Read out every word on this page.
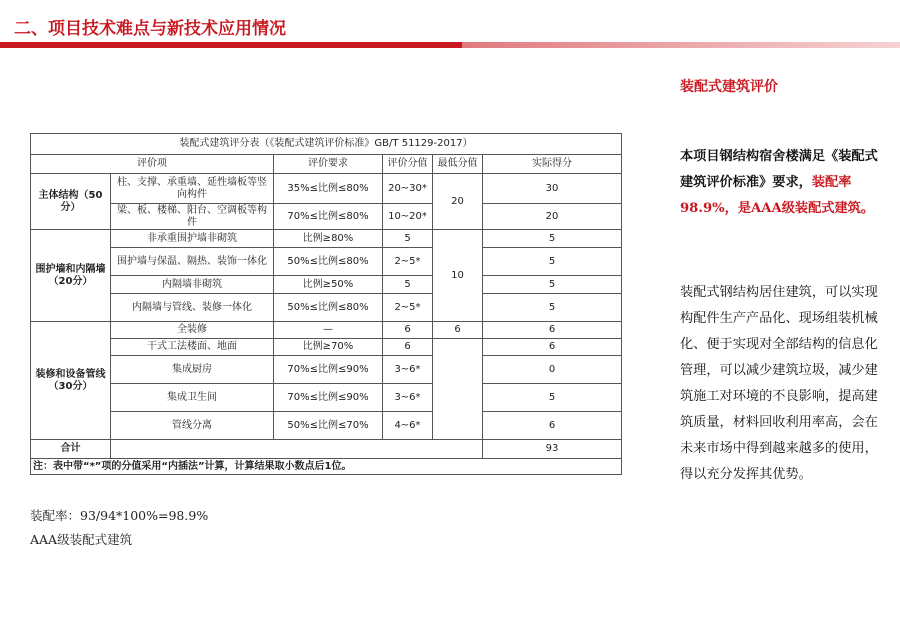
二、项目技术难点与新技术应用情况
装配式建筑评分表（《装配式建筑评价标准》GB/T 51129-2017）					
评价项		评价要求	评价分值	最低分值	实际得分
主体结构（50分）	柱、支撑、承重墙、延性墙板等竖向构件	35%≤比例≤80%	20~30*	20	30
	梁、板、楼梯、阳台、空调板等构件	70%≤比例≤80%	10~20*		20
围护墙和内隔墙（20分）	非承重围护墙非砌筑	比例≥80%	5	10	5
	围护墙与保温、隔热、装饰一体化	50%≤比例≤80%	2~5*		5
	内隔墙非砌筑	比例≥50%	5		5
	内隔墙与管线、装修一体化	50%≤比例≤80%	2~5*		5
装修和设备管线（30分）	全装修	—	6	6	6
	干式工法楼面、地面	比例≥70%	6		6
	集成厨房	70%≤比例≤90%	3~6*		0
	集成卫生间	70%≤比例≤90%	3~6*		5
	管线分离	50%≤比例≤70%	4~6*		6
合计					93
注：表中带“*”项的分值采用“内插法”计算，计算结果取小数点后1位。					
装配率：93/94*100%=98.9%
AAA级装配式建筑
装配式建筑评价
本项目钢结构宿舍楼满足《装配式建筑评价标准》要求，装配率98.9%，是AAA级装配式建筑。
装配式钢结构居住建筑，可以实现构配件生产产品化、现场组装机械化、便于实现对全部结构的信息化管理，可以减少建筑垃圾，减少建筑施工对环境的不良影响，提高建筑质量，材料回收利用率高，会在未来市场中得到越来越多的使用，得以充分发挥其优势。
